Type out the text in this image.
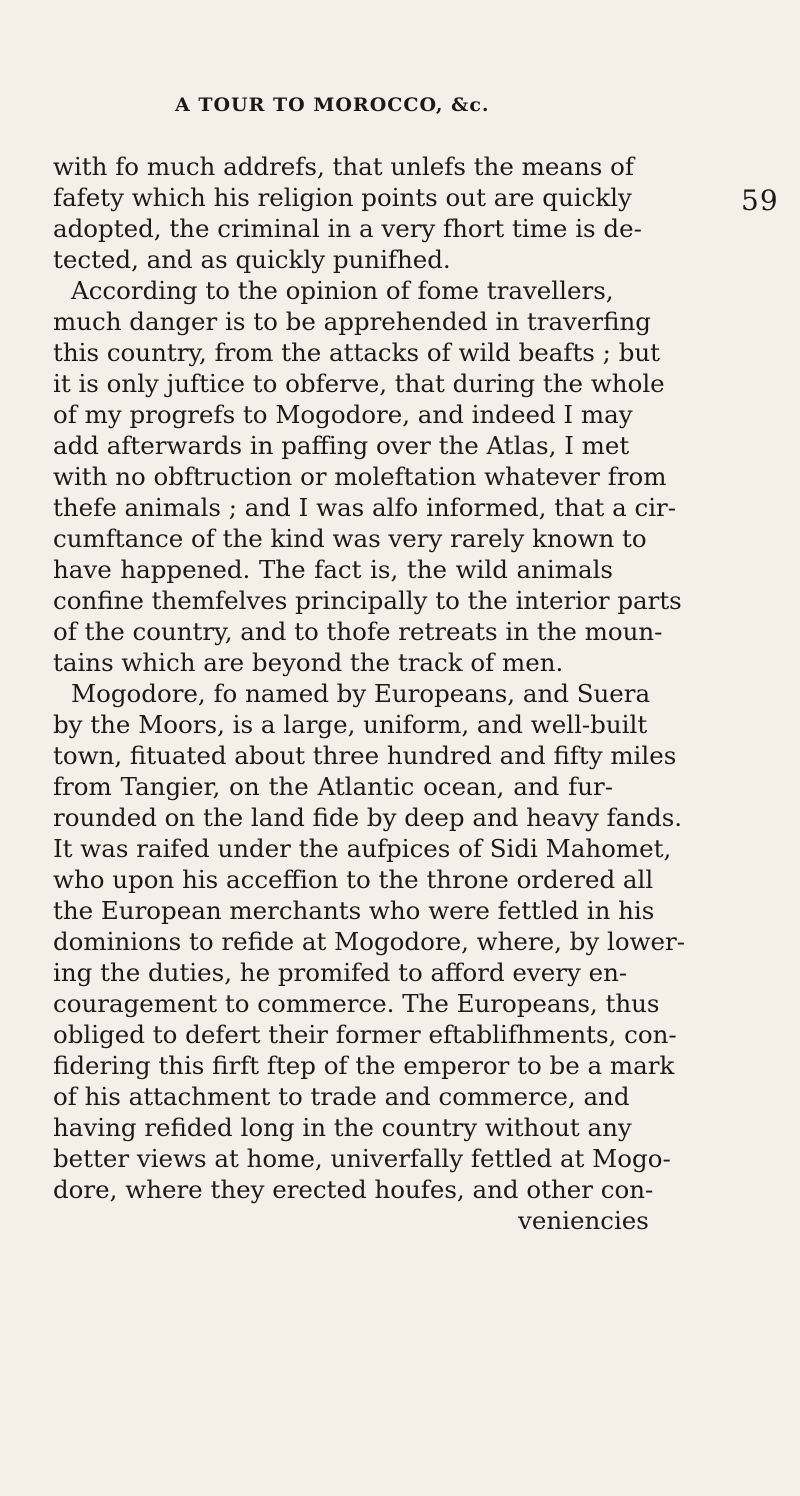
A TOUR TO MOROCCO, &c.
59
with fo much addrefs, that unlefs the means of
fafety which his religion points out are quickly
adopted, the criminal in a very fhort time is de-
tected, and as quickly punifhed.
According to the opinion of fome travellers,
much danger is to be apprehended in traverfing
this country, from the attacks of wild beafts ; but
it is only juftice to obferve, that during the whole
of my progrefs to Mogodore, and indeed I may
add afterwards in paffing over the Atlas, I met
with no obftruction or moleftation whatever from
thefe animals ; and I was alfo informed, that a cir-
cumftance of the kind was very rarely known to
have happened. The fact is, the wild animals
confine themfelves principally to the interior parts
of the country, and to thofe retreats in the moun-
tains which are beyond the track of men.
Mogodore, fo named by Europeans, and Suera
by the Moors, is a large, uniform, and well-built
town, fituated about three hundred and fifty miles
from Tangier, on the Atlantic ocean, and fur-
rounded on the land fide by deep and heavy fands.
It was raifed under the aufpices of Sidi Mahomet,
who upon his acceffion to the throne ordered all
the European merchants who were fettled in his
dominions to refide at Mogodore, where, by lower-
ing the duties, he promifed to afford every en-
couragement to commerce. The Europeans, thus
obliged to defert their former eftablifhments, con-
fidering this firft ftep of the emperor to be a mark
of his attachment to trade and commerce, and
having refided long in the country without any
better views at home, univerfally fettled at Mogo-
dore, where they erected houfes, and other con-
veniencies
